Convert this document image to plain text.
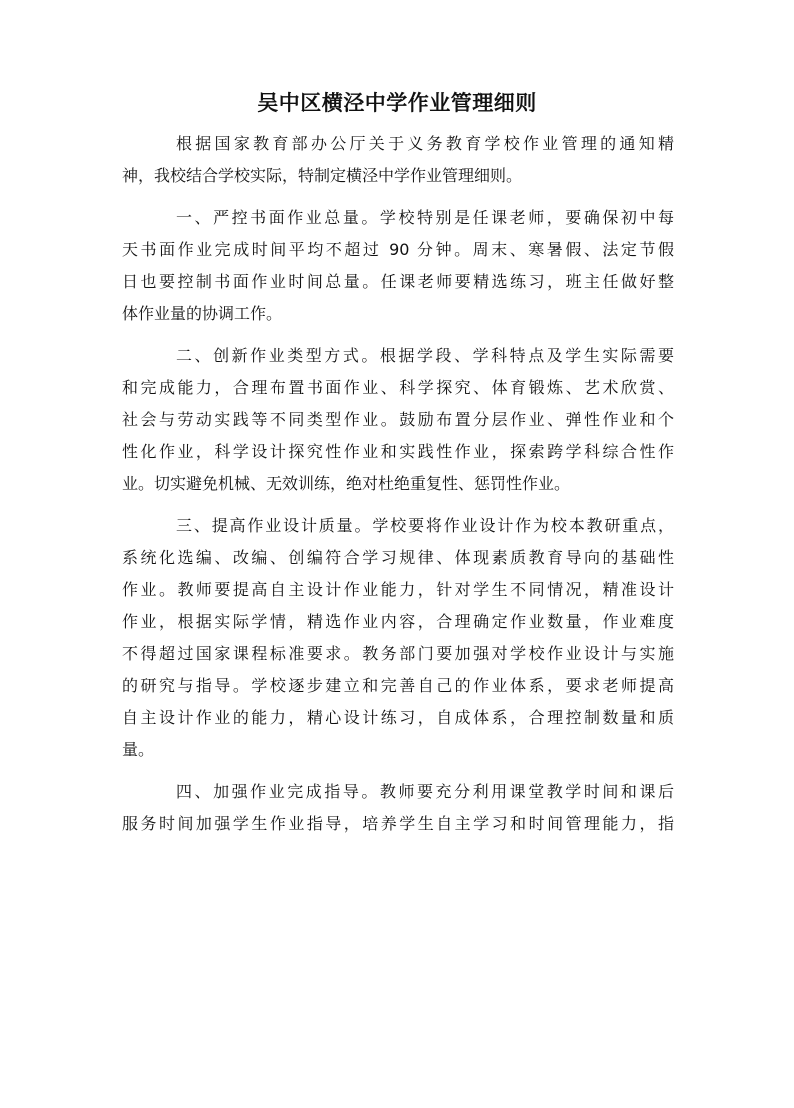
吴中区横泾中学作业管理细则

根据国家教育部办公厅关于义务教育学校作业管理的通知精
神，我校结合学校实际，特制定横泾中学作业管理细则。

一、严控书面作业总量。学校特别是任课老师，要确保初中每
天书面作业完成时间平均不超过 90 分钟。周末、寒暑假、法定节假
日也要控制书面作业时间总量。任课老师要精选练习，班主任做好整
体作业量的协调工作。

二、创新作业类型方式。根据学段、学科特点及学生实际需要
和完成能力，合理布置书面作业、科学探究、体育锻炼、艺术欣赏、
社会与劳动实践等不同类型作业。鼓励布置分层作业、弹性作业和个
性化作业，科学设计探究性作业和实践性作业，探索跨学科综合性作
业。切实避免机械、无效训练，绝对杜绝重复性、惩罚性作业。

三、提高作业设计质量。学校要将作业设计作为校本教研重点，
系统化选编、改编、创编符合学习规律、体现素质教育导向的基础性
作业。教师要提高自主设计作业能力，针对学生不同情况，精准设计
作业，根据实际学情，精选作业内容，合理确定作业数量，作业难度
不得超过国家课程标准要求。教务部门要加强对学校作业设计与实施
的研究与指导。学校逐步建立和完善自己的作业体系，要求老师提高
自主设计作业的能力，精心设计练习，自成体系，合理控制数量和质
量。

四、加强作业完成指导。教师要充分利用课堂教学时间和课后
服务时间加强学生作业指导，培养学生自主学习和时间管理能力，指
